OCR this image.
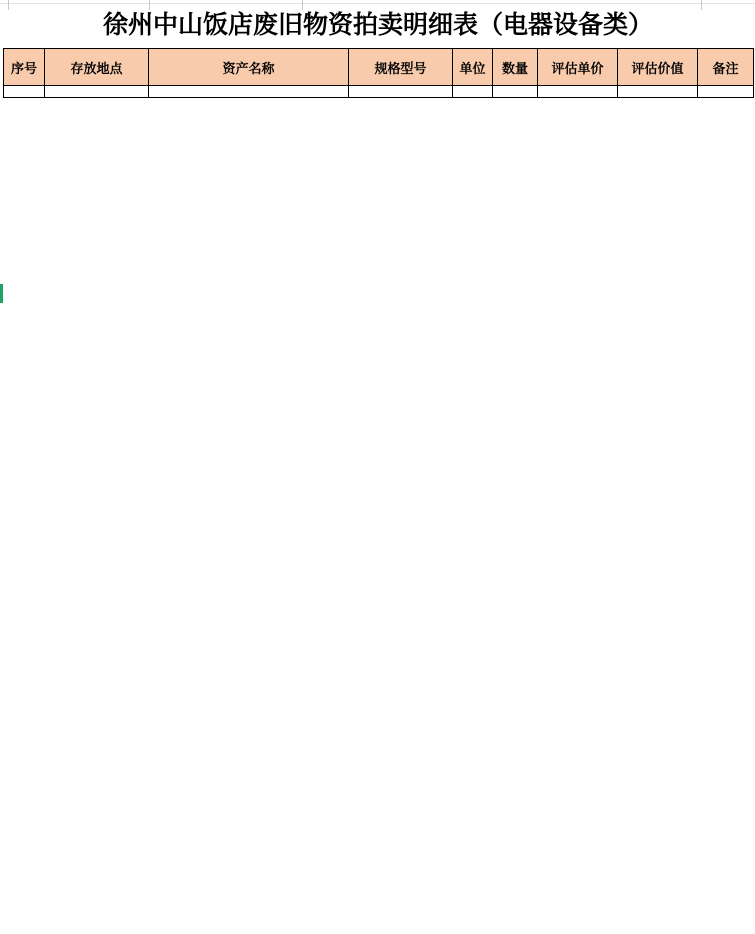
徐州中山饭店废旧物资拍卖明细表（电器设备类）
序号	存放地点	资产名称	规格型号	单位	数量	评估单价	评估价值	备注
